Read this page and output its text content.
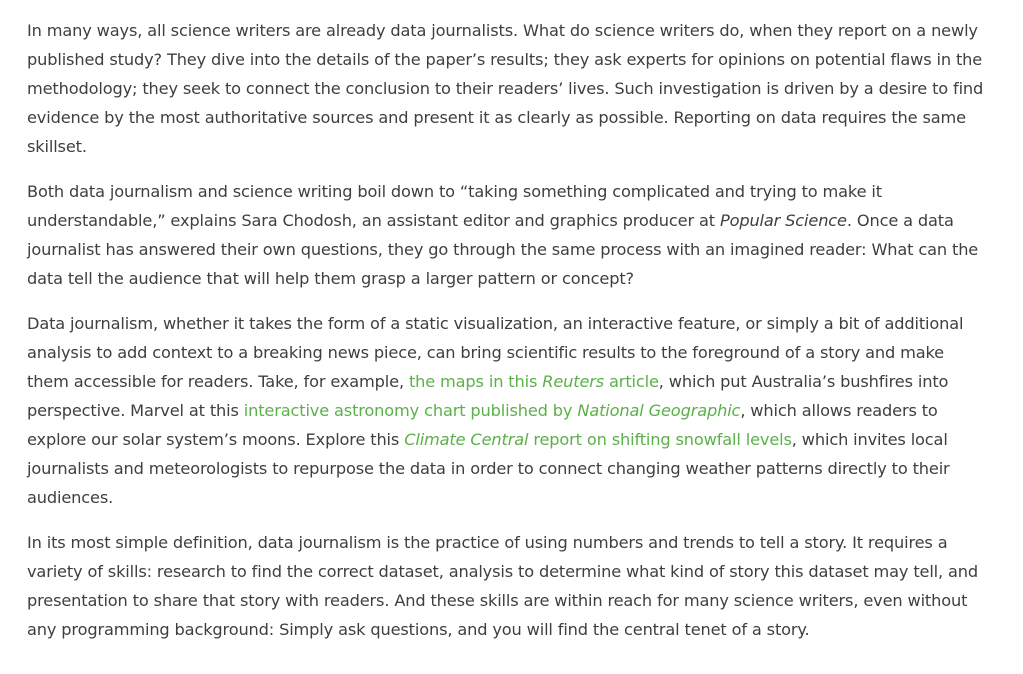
In many ways, all science writers are already data journalists. What do science writers do, when they report on a newly published study? They dive into the details of the paper’s results; they ask experts for opinions on potential flaws in the methodology; they seek to connect the conclusion to their readers’ lives. Such investigation is driven by a desire to find evidence by the most authoritative sources and present it as clearly as possible. Reporting on data requires the same skillset.

Both data journalism and science writing boil down to “taking something complicated and trying to make it understandable,” explains Sara Chodosh, an assistant editor and graphics producer at Popular Science. Once a data journalist has answered their own questions, they go through the same process with an imagined reader: What can the data tell the audience that will help them grasp a larger pattern or concept?

Data journalism, whether it takes the form of a static visualization, an interactive feature, or simply a bit of additional analysis to add context to a breaking news piece, can bring scientific results to the foreground of a story and make them accessible for readers. Take, for example, the maps in this Reuters article, which put Australia’s bushfires into perspective. Marvel at this interactive astronomy chart published by National Geographic, which allows readers to explore our solar system’s moons. Explore this Climate Central report on shifting snowfall levels, which invites local journalists and meteorologists to repurpose the data in order to connect changing weather patterns directly to their audiences.

In its most simple definition, data journalism is the practice of using numbers and trends to tell a story. It requires a variety of skills: research to find the correct dataset, analysis to determine what kind of story this dataset may tell, and presentation to share that story with readers. And these skills are within reach for many science writers, even without any programming background: Simply ask questions, and you will find the central tenet of a story.
